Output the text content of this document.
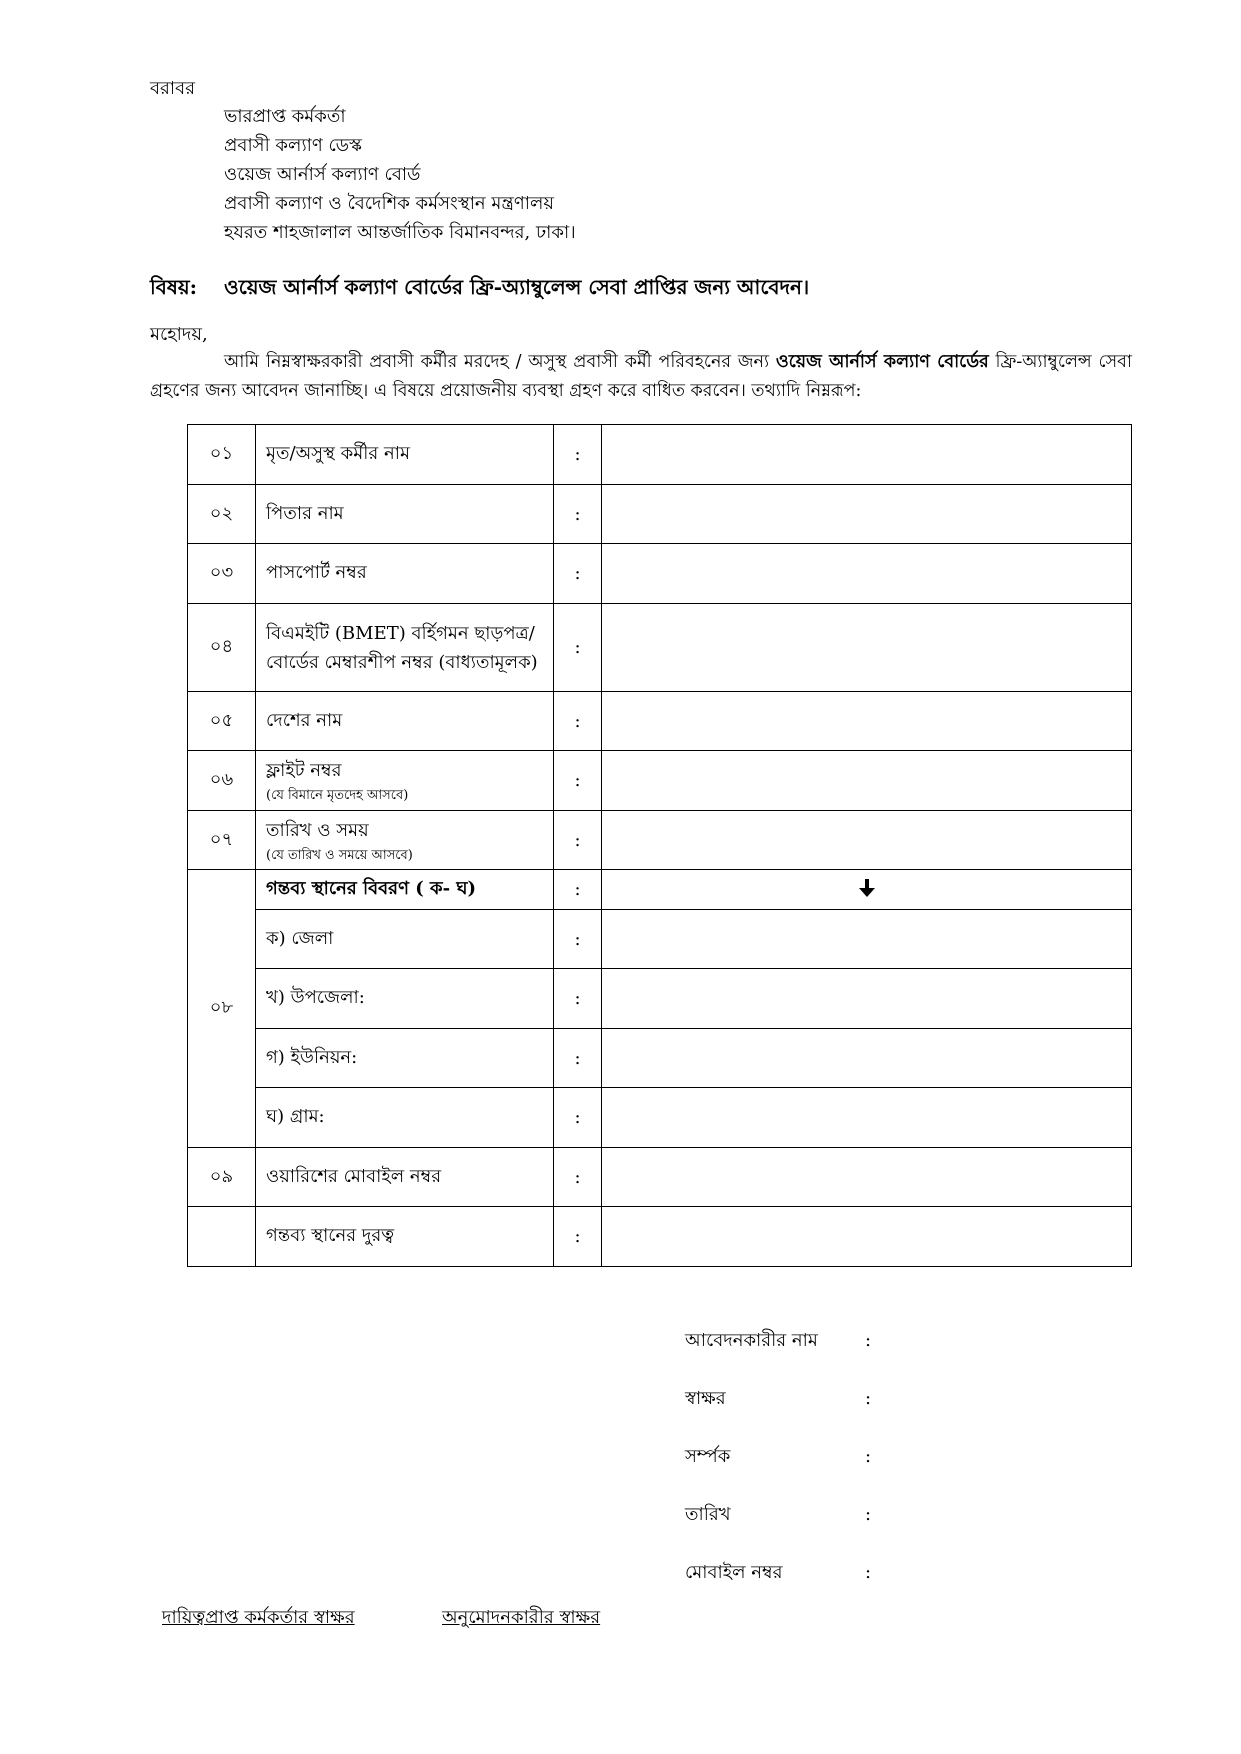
বরাবর
ভারপ্রাপ্ত কর্মকর্তা
প্রবাসী কল্যাণ ডেস্ক
ওয়েজ আর্নার্স কল্যাণ বোর্ড
প্রবাসী কল্যাণ ও বৈদেশিক কর্মসংস্থান মন্ত্রণালয়
হযরত শাহজালাল আন্তর্জাতিক বিমানবন্দর, ঢাকা।
বিষয়: ওয়েজ আর্নার্স কল্যাণ বোর্ডের ফ্রি-অ্যাম্বুলেন্স সেবা প্রাপ্তির জন্য আবেদন।
মহোদয়,
আমি নিম্নস্বাক্ষরকারী প্রবাসী কর্মীর মরদেহ / অসুস্থ প্রবাসী কর্মী পরিবহনের জন্য ওয়েজ আর্নার্স কল্যাণ বোর্ডের ফ্রি-অ্যাম্বুলেন্স সেবা গ্রহণের জন্য আবেদন জানাচ্ছি। এ বিষয়ে প্রয়োজনীয় ব্যবস্থা গ্রহণ করে বাধিত করবেন। তথ্যাদি নিম্নরূপ:
০১	মৃত/অসুস্থ কর্মীর নাম	:	
০২	পিতার নাম	:	
০৩	পাসপোর্ট নম্বর	:	
০৪	বিএমইটি (BMET) বর্হিগমন ছাড়পত্র/বোর্ডের মেম্বারশীপ নম্বর (বাধ্যতামূলক)	:	
০৫	দেশের নাম	:	
০৬	ফ্লাইট নম্বর
(যে বিমানে মৃতদেহ আসবে)	:	
০৭	তারিখ ও সময়
(যে তারিখ ও সময়ে আসবে)	:	
০৮	গন্তব্য স্থানের বিবরণ ( ক- ঘ)	:	
	ক) জেলা	:	
	খ) উপজেলা:	:	
	গ) ইউনিয়ন:	:	
	ঘ) গ্রাম:	:	
০৯	ওয়ারিশের মোবাইল নম্বর	:	
	গন্তব্য স্থানের দুরত্ব	:	
আবেদনকারীর নাম	:
স্বাক্ষর	:
সর্ম্পক	:
তারিখ	:
মোবাইল নম্বর	:
দায়িত্বপ্রাপ্ত কর্মকর্তার স্বাক্ষর	অনুমোদনকারীর স্বাক্ষর
